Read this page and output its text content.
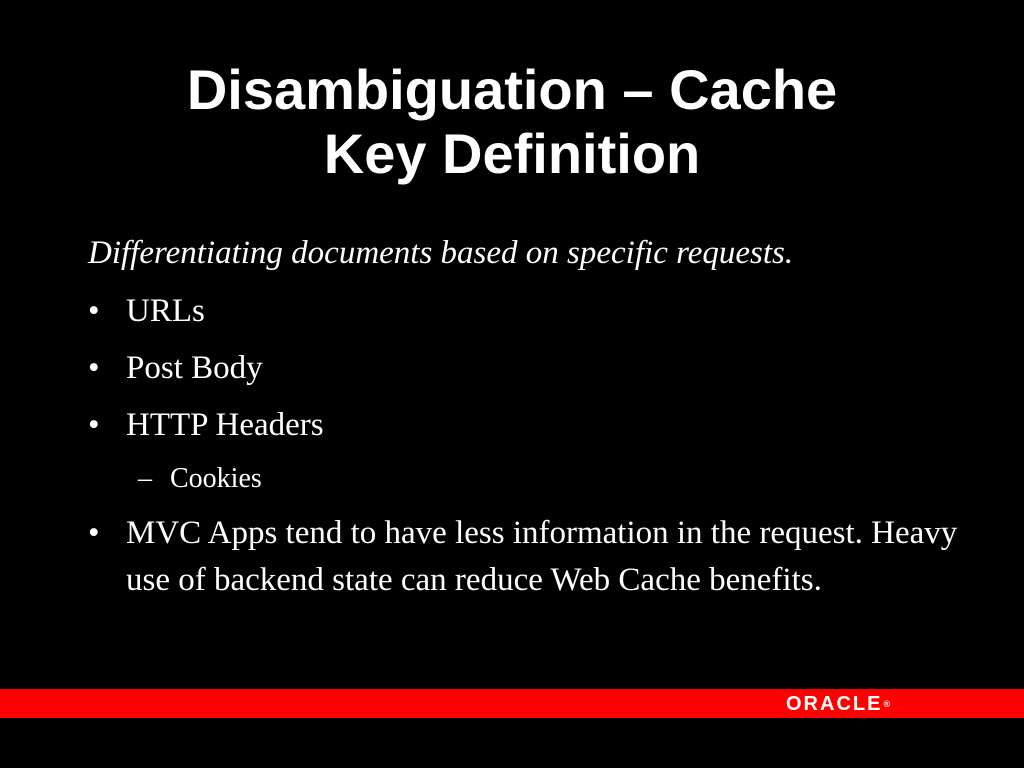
Disambiguation – Cache
Key Definition
Differentiating documents based on specific requests.
• URLs
• Post Body
• HTTP Headers
– Cookies
• MVC Apps tend to have less information in the request. Heavy use of backend state can reduce Web Cache benefits.
ORACLE ®
